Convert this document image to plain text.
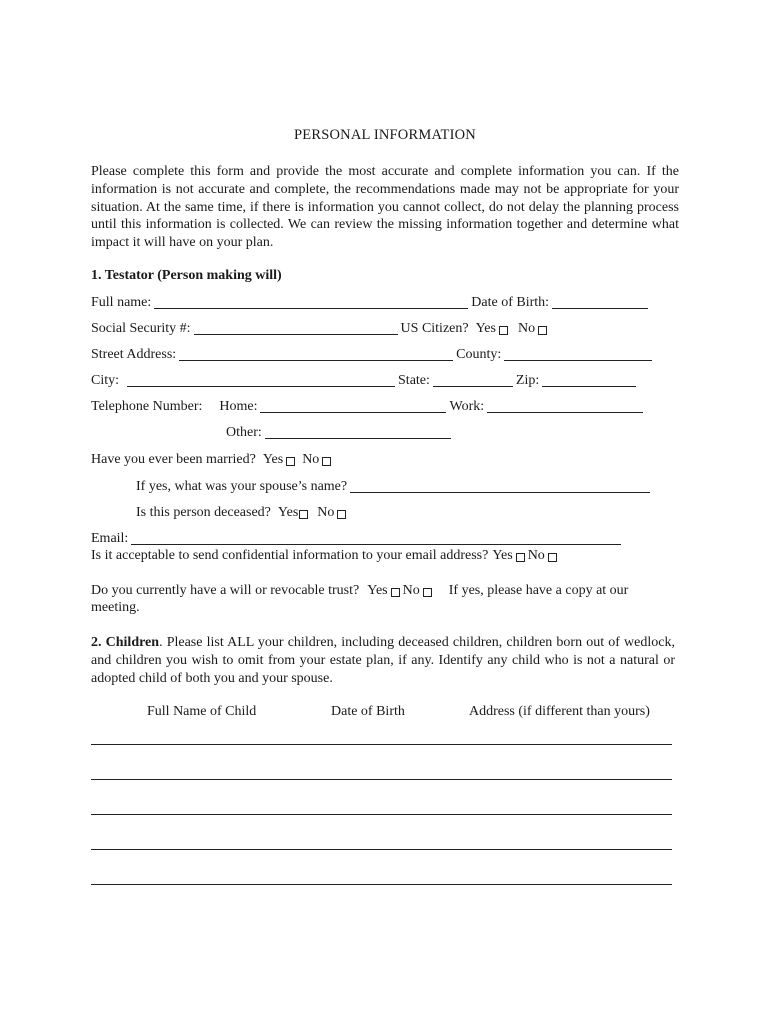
PERSONAL INFORMATION
Please complete this form and provide the most accurate and complete information you can. If the information is not accurate and complete, the recommendations made may not be appropriate for your situation. At the same time, if there is information you cannot collect, do not delay the planning process until this information is collected. We can review the missing information together and determine what impact it will have on your plan.
1. Testator (Person making will)
Full name:	Date of Birth:
Social Security #:	US Citizen? Yes No
Street Address:	County:
City:	State:	Zip:
Telephone Number: Home:	Work:
Other:
Have you ever been married? Yes No
If yes, what was your spouse’s name?
Is this person deceased? Yes No
Email:
Is it acceptable to send confidential information to your email address? Yes No
Do you currently have a will or revocable trust? Yes No If yes, please have a copy at our
meeting.
2. Children. Please list ALL your children, including deceased children, children born out of wedlock, and children you wish to omit from your estate plan, if any. Identify any child who is not a natural or adopted child of both you and your spouse.
Full Name of Child	Date of Birth	Address (if different than yours)
